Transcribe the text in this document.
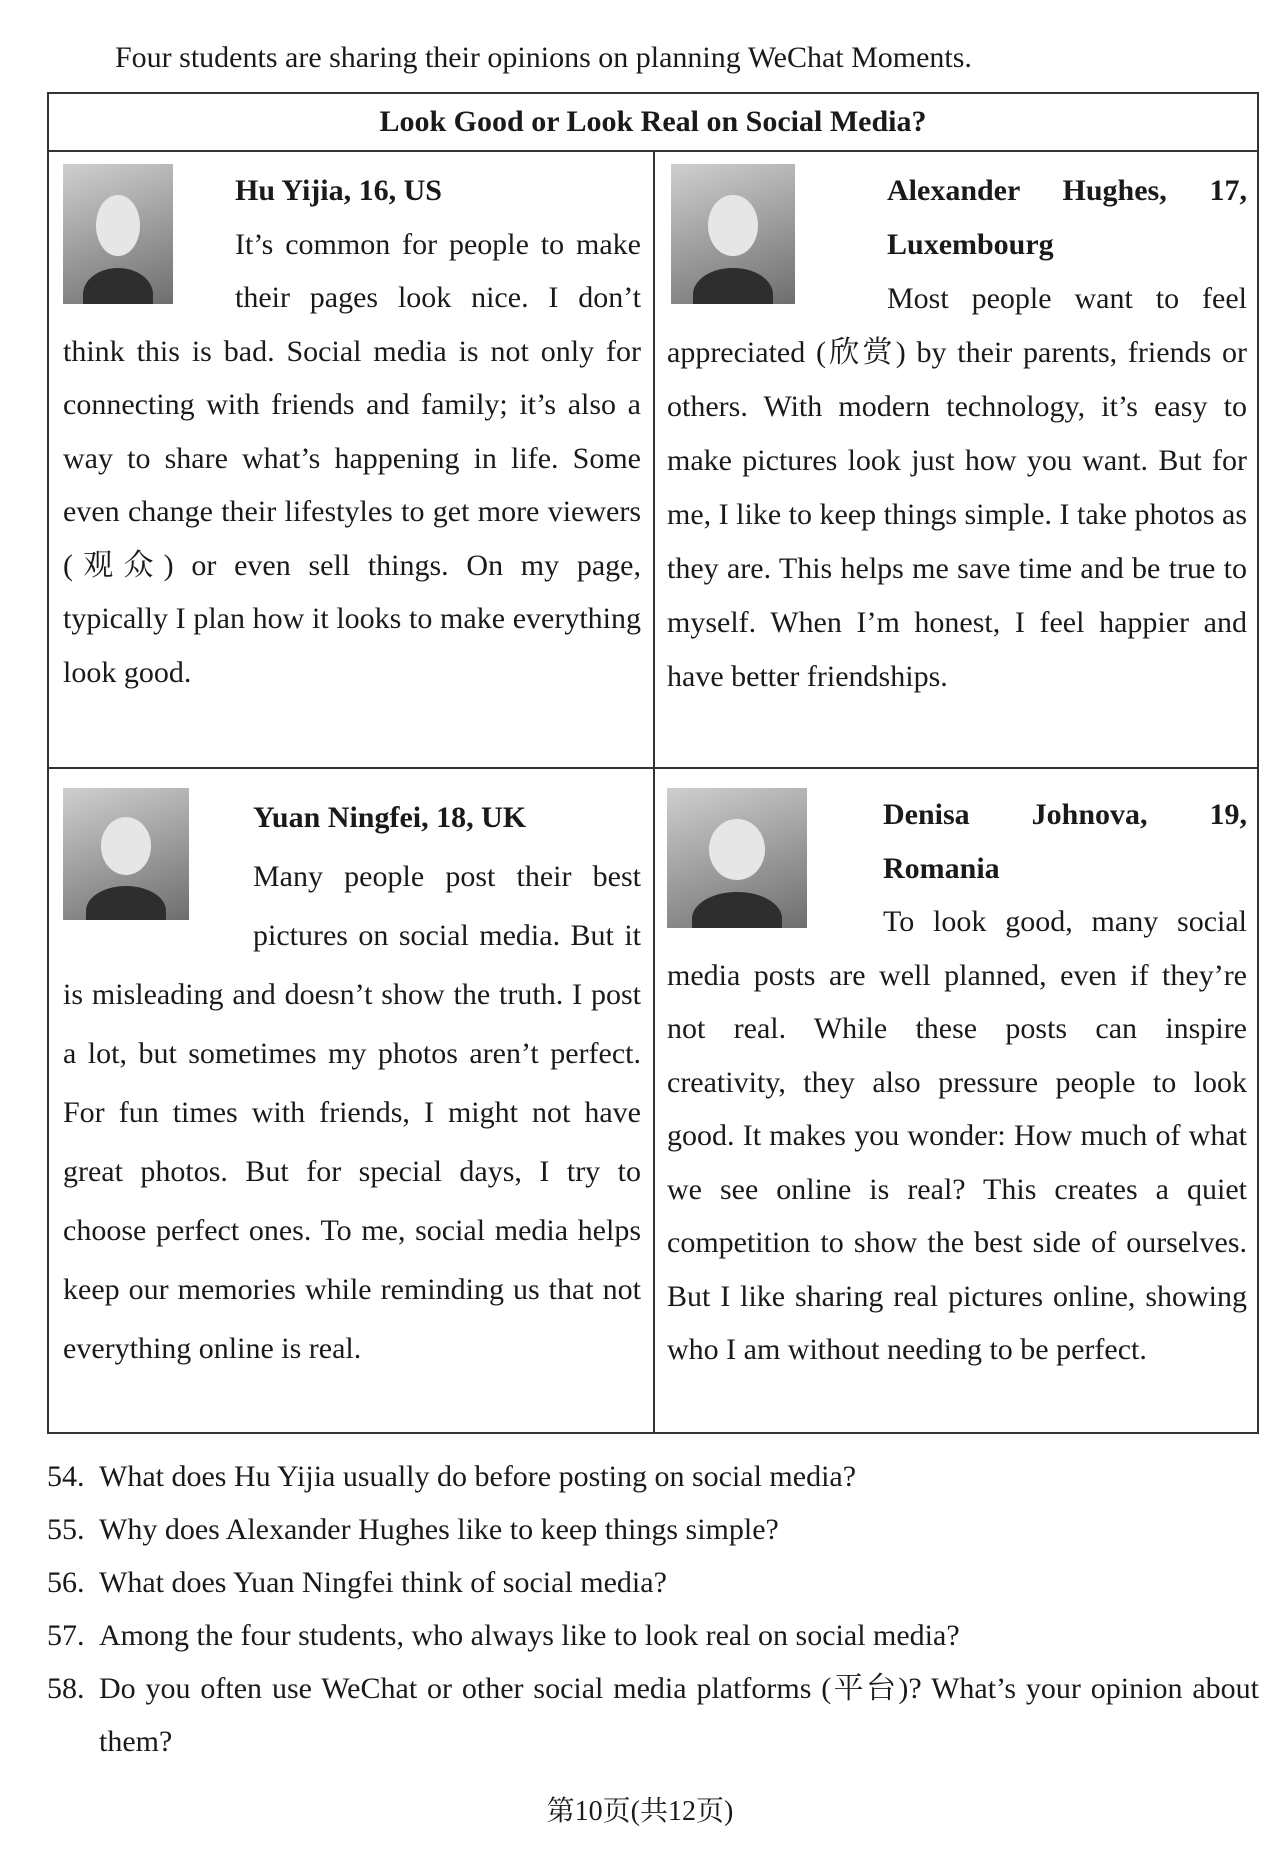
Four students are sharing their opinions on planning WeChat Moments.
Look Good or Look Real on Social Media?
Hu Yijia, 16, US
It’s common for people to make their pages look nice. I don’t think this is bad. Social media is not only for connecting with friends and family; it’s also a way to share what’s happening in life. Some even change their lifestyles to get more viewers (观众) or even sell things. On my page, typically I plan how it looks to make everything look good.
Alexander Hughes, 17, Luxembourg
Most people want to feel appreciated (欣赏) by their parents, friends or others. With modern technology, it’s easy to make pictures look just how you want. But for me, I like to keep things simple. I take photos as they are. This helps me save time and be true to myself. When I’m honest, I feel happier and have better friendships.
Yuan Ningfei, 18, UK
Many people post their best pictures on social media. But it is misleading and doesn’t show the truth. I post a lot, but sometimes my photos aren’t perfect. For fun times with friends, I might not have great photos. But for special days, I try to choose perfect ones. To me, social media helps keep our memories while reminding us that not everything online is real.
Denisa Johnova, 19, Romania
To look good, many social media posts are well planned, even if they’re not real. While these posts can inspire creativity, they also pressure people to look good. It makes you wonder: How much of what we see online is real? This creates a quiet competition to show the best side of ourselves. But I like sharing real pictures online, showing who I am without needing to be perfect.
54. What does Hu Yijia usually do before posting on social media?
55. Why does Alexander Hughes like to keep things simple?
56. What does Yuan Ningfei think of social media?
57. Among the four students, who always like to look real on social media?
58. Do you often use WeChat or other social media platforms (平台)? What’s your opinion about them?
第10页(共12页)
